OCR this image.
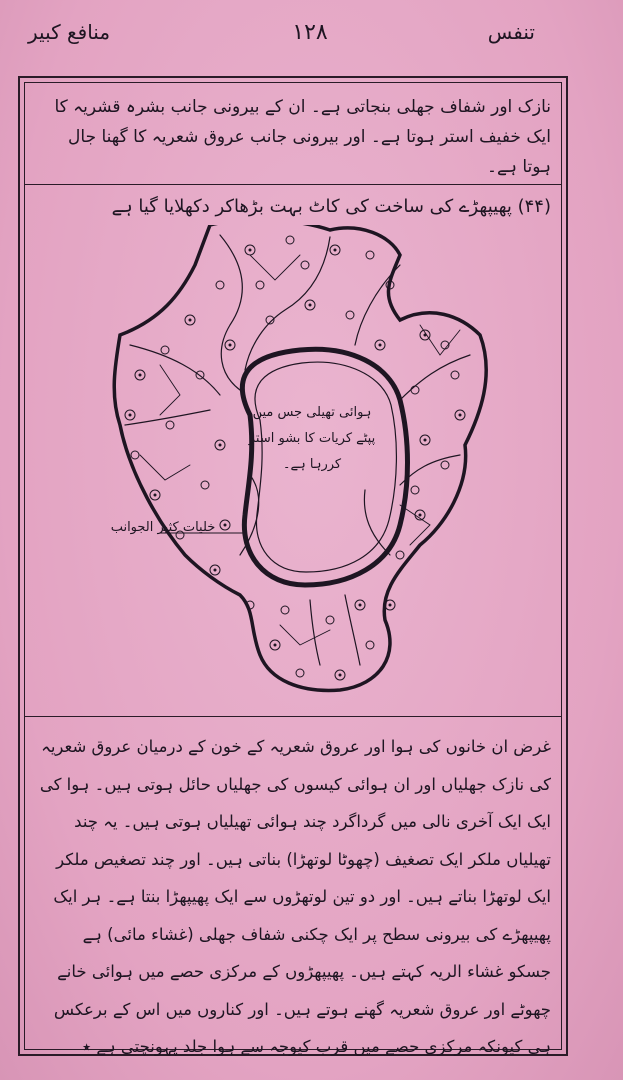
تنفس
۱۲۸
منافع کبیر
نازک اور شفاف جھلی بنجاتی ہے۔ ان کے بیرونی جانب بشرہ قشریہ کا ایک خفیف استر ہوتا ہے۔ اور بیرونی جانب عروق شعریہ کا گھنا جال ہوتا ہے۔
(۴۴) پھیپھڑے کی ساخت کی کاٹ بہت بڑھاکر دکھلایا گیا ہے
ہوائی تھیلی جس میں پپٹے کریات کا بشو استر کررہا ہے۔
خلیات کثیر الجوانب

غرض ان خانوں کی ہوا اور عروق شعریہ کے خون کے درمیان عروق شعریہ کی نازک جھلیاں اور ان ہوائی کیسوں کی جھلیاں حائل ہوتی ہیں۔ ہوا کی ایک ایک آخری نالی میں گرداگرد چند ہوائی تھیلیاں ہوتی ہیں۔ یہ چند تھیلیاں ملکر ایک تصغیف (چھوٹا لوتھڑا) بناتی ہیں۔ اور چند تصغیص ملکر ایک لوتھڑا بناتے ہیں۔ اور دو تین لوتھڑوں سے ایک پھیپھڑا بنتا ہے۔ ہر ایک پھیپھڑے کی بیرونی سطح پر ایک چکنی شفاف جھلی (غشاء مائی) ہے جسکو غشاء الریہ کہتے ہیں۔ پھیپھڑوں کے مرکزی حصے میں ہوائی خانے چھوٹے اور عروق شعریہ گھنے ہوتے ہیں۔ اور کناروں میں اس کے برعکس ہی کیونکہ مرکزی حصے میں قرب کیوجہ سے ہوا جلد پہونچتی ہے ٭
